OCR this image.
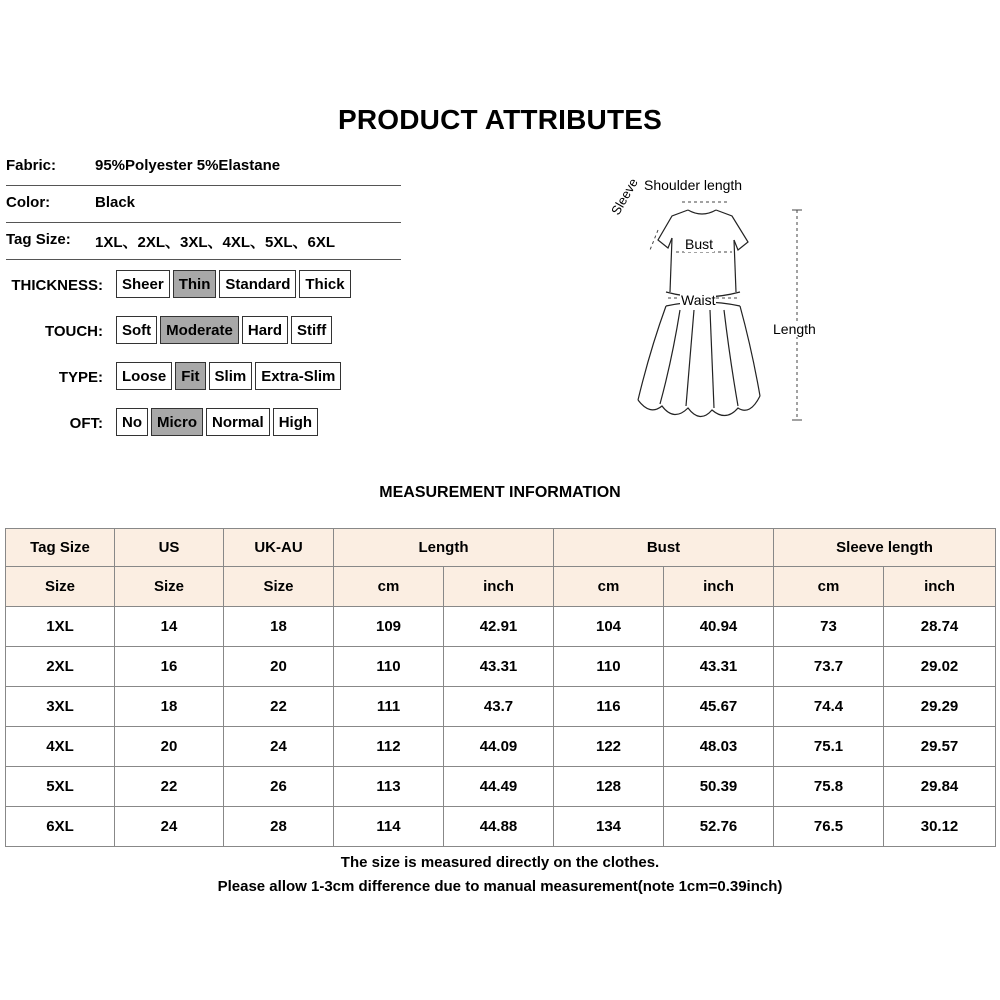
PRODUCT ATTRIBUTES
Fabric:	95%Polyester 5%Elastane
Color:	Black
Tag Size: 1XL、2XL、3XL、4XL、5XL、6XL
THICKNESS:	Sheer	Thin	Standard	Thick
TOUCH:	Soft	Moderate	Hard	Stiff
TYPE:	Loose	Fit	Slim	Extra-Slim
OFT:	No	Micro	Normal	High
Shoulder length
Sleeve
Bust
Waist
Length
MEASUREMENT INFORMATION
Tag Size	US	UK-AU	Length		Bust		Sleeve length	
Size	Size	Size	cm	inch	cm	inch	cm	inch
1XL	14	18	109	42.91	104	40.94	73	28.74
2XL	16	20	110	43.31	110	43.31	73.7	29.02
3XL	18	22	111	43.7	116	45.67	74.4	29.29
4XL	20	24	112	44.09	122	48.03	75.1	29.57
5XL	22	26	113	44.49	128	50.39	75.8	29.84
6XL	24	28	114	44.88	134	52.76	76.5	30.12
The size is measured directly on the clothes.
Please allow 1-3cm difference due to manual measurement(note 1cm=0.39inch)
